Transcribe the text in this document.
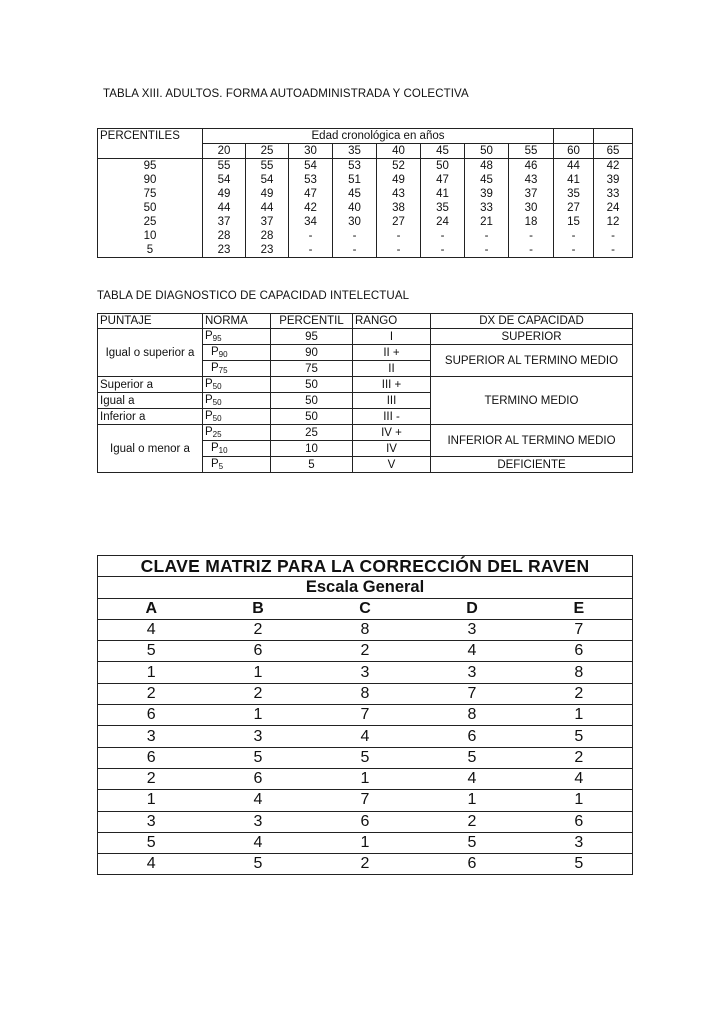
TABLA XIII. ADULTOS. FORMA AUTOADMINISTRADA Y COLECTIVA
PERCENTILES	Edad cronológica en años									
	20	25	30	35	40	45	50	55	60	65
95	55	55	54	53	52	50	48	46	44	42
90	54	54	53	51	49	47	45	43	41	39
75	49	49	47	45	43	41	39	37	35	33
50	44	44	42	40	38	35	33	30	27	24
25	37	37	34	30	27	24	21	18	15	12
10	28	28	-	-	-	-	-	-	-	-
5	23	23	-	-	-	-	-	-	-	-
TABLA DE DIAGNOSTICO DE CAPACIDAD INTELECTUAL
PUNTAJE	NORMA	PERCENTIL	RANGO	DX DE CAPACIDAD
Igual o superior a	$P_{95}$	95	I	SUPERIOR
	$P_{90}$	90	II +	SUPERIOR AL TERMINO MEDIO
	$P_{75}$	75	II	
Superior a	$P_{50}$	50	III +	TERMINO MEDIO
Igual a	$P_{50}$	50	III	
Inferior a	$P_{50}$	50	III -	
Igual o menor a	$P_{25}$	25	IV +	INFERIOR AL TERMINO MEDIO
	$P_{10}$	10	IV	
	$P_5$	5	V	DEFICIENTE
CLAVE MATRIZ PARA LA CORRECCIÓN DEL RAVEN				
Escala General				
A	B	C	D	E
4	2	8	3	7
5	6	2	4	6
1	1	3	3	8
2	2	8	7	2
6	1	7	8	1
3	3	4	6	5
6	5	5	5	2
2	6	1	4	4
1	4	7	1	1
3	3	6	2	6
5	4	1	5	3
4	5	2	6	5
